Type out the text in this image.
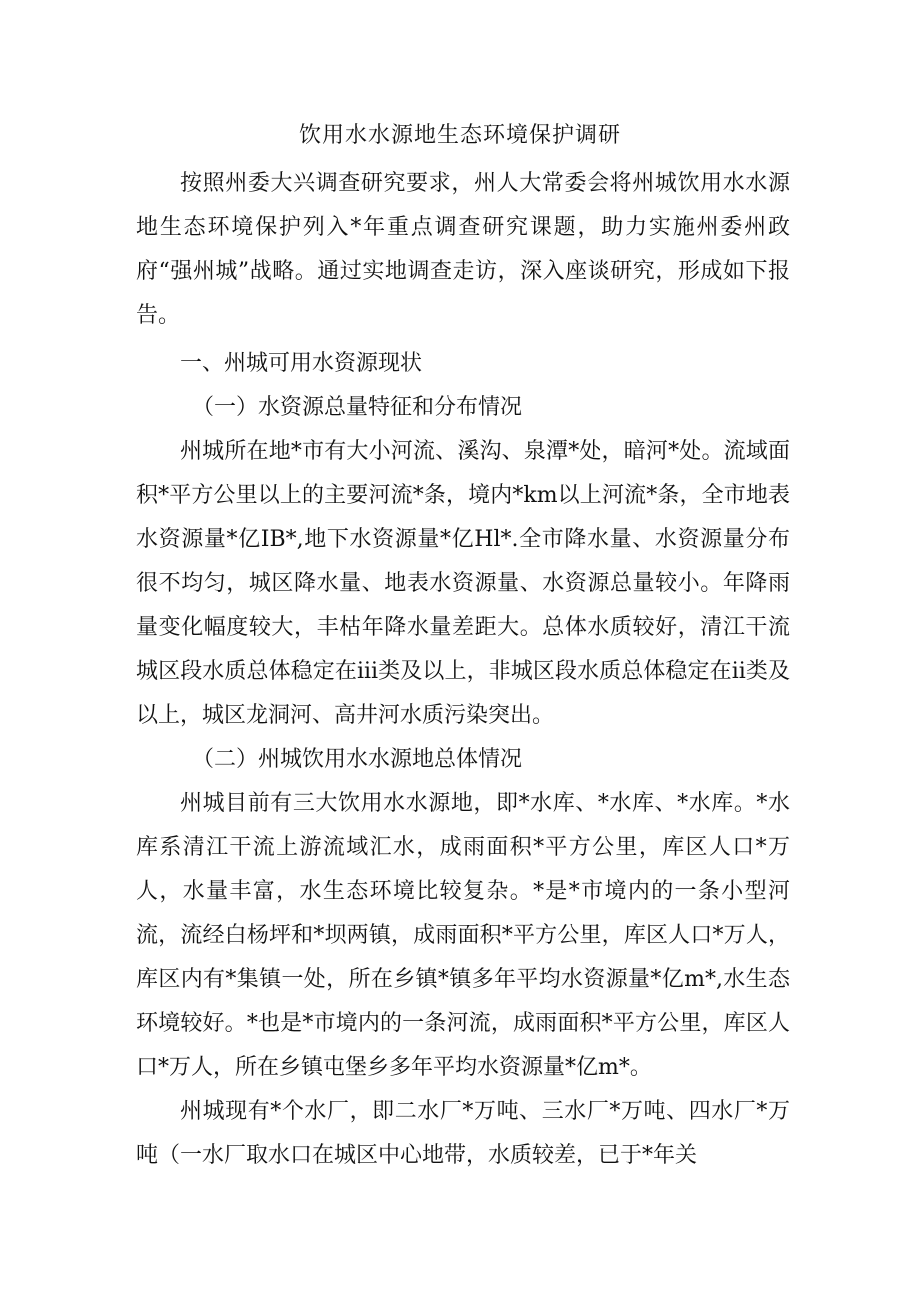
饮用水水源地生态环境保护调研

按照州委大兴调查研究要求，州人大常委会将州城饮用水水源地生态环境保护列入*年重点调查研究课题，助力实施州委州政府“强州城”战略。通过实地调查走访，深入座谈研究，形成如下报告。

一、州城可用水资源现状

（一）水资源总量特征和分布情况

州城所在地*市有大小河流、溪沟、泉潭*处，暗河*处。流域面积*平方公里以上的主要河流*条，境内*km以上河流*条，全市地表水资源量*亿IB*,地下水资源量*亿Hl*.全市降水量、水资源量分布很不均匀，城区降水量、地表水资源量、水资源总量较小。年降雨量变化幅度较大，丰枯年降水量差距大。总体水质较好，清江干流城区段水质总体稳定在iii类及以上，非城区段水质总体稳定在ii类及以上，城区龙洞河、高井河水质污染突出。

（二）州城饮用水水源地总体情况

州城目前有三大饮用水水源地，即*水库、*水库、*水库。*水库系清江干流上游流域汇水，成雨面积*平方公里，库区人口*万人，水量丰富，水生态环境比较复杂。*是*市境内的一条小型河流，流经白杨坪和*坝两镇，成雨面积*平方公里，库区人口*万人，库区内有*集镇一处，所在乡镇*镇多年平均水资源量*亿m*,水生态环境较好。*也是*市境内的一条河流，成雨面积*平方公里，库区人口*万人，所在乡镇屯堡乡多年平均水资源量*亿m*。

州城现有*个水厂，即二水厂*万吨、三水厂*万吨、四水厂*万吨（一水厂取水口在城区中心地带，水质较差，已于*年关
